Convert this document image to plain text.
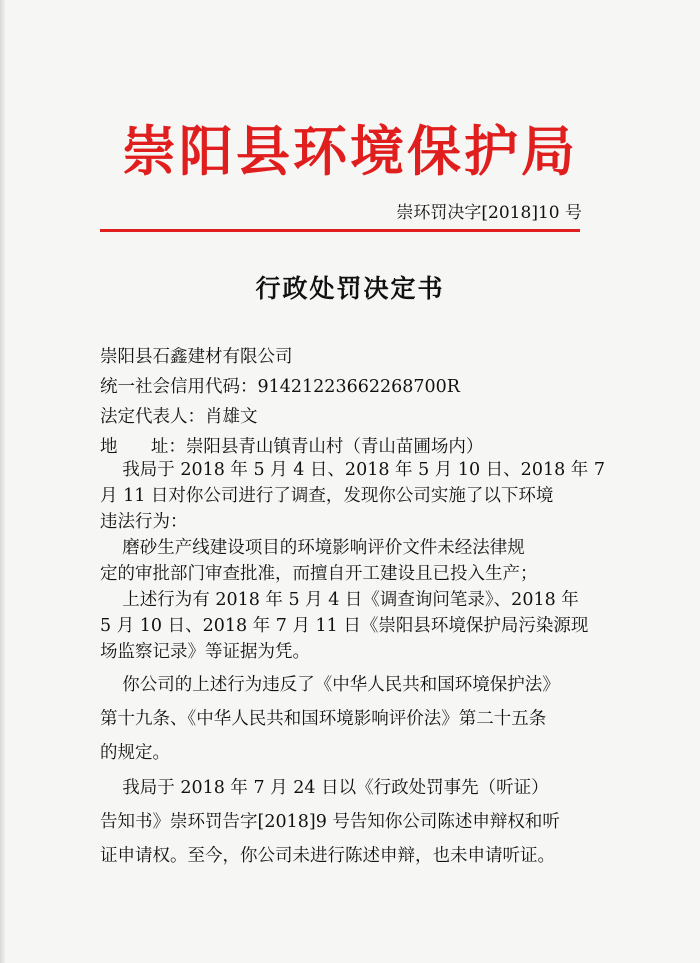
崇阳县环境保护局
崇环罚决字[2018]10 号
行政处罚决定书
崇阳县石鑫建材有限公司
统一社会信用代码：91421223662268700R
法定代表人：肖雄文
地      址：崇阳县青山镇青山村（青山苗圃场内）
我局于 2018 年 5 月 4 日、2018 年 5 月 10 日、2018 年 7
月 11 日对你公司进行了调查，发现你公司实施了以下环境
违法行为：
磨砂生产线建设项目的环境影响评价文件未经法律规
定的审批部门审查批准，而擅自开工建设且已投入生产；
上述行为有 2018 年 5 月 4 日《调查询问笔录》、2018 年
5 月 10 日、2018 年 7 月 11 日《崇阳县环境保护局污染源现
场监察记录》等证据为凭。
你公司的上述行为违反了《中华人民共和国环境保护法》
第十九条、《中华人民共和国环境影响评价法》第二十五条
的规定。
我局于 2018 年 7 月 24 日以《行政处罚事先（听证）
告知书》崇环罚告字[2018]9 号告知你公司陈述申辩权和听
证申请权。至今，你公司未进行陈述申辩，也未申请听证。
